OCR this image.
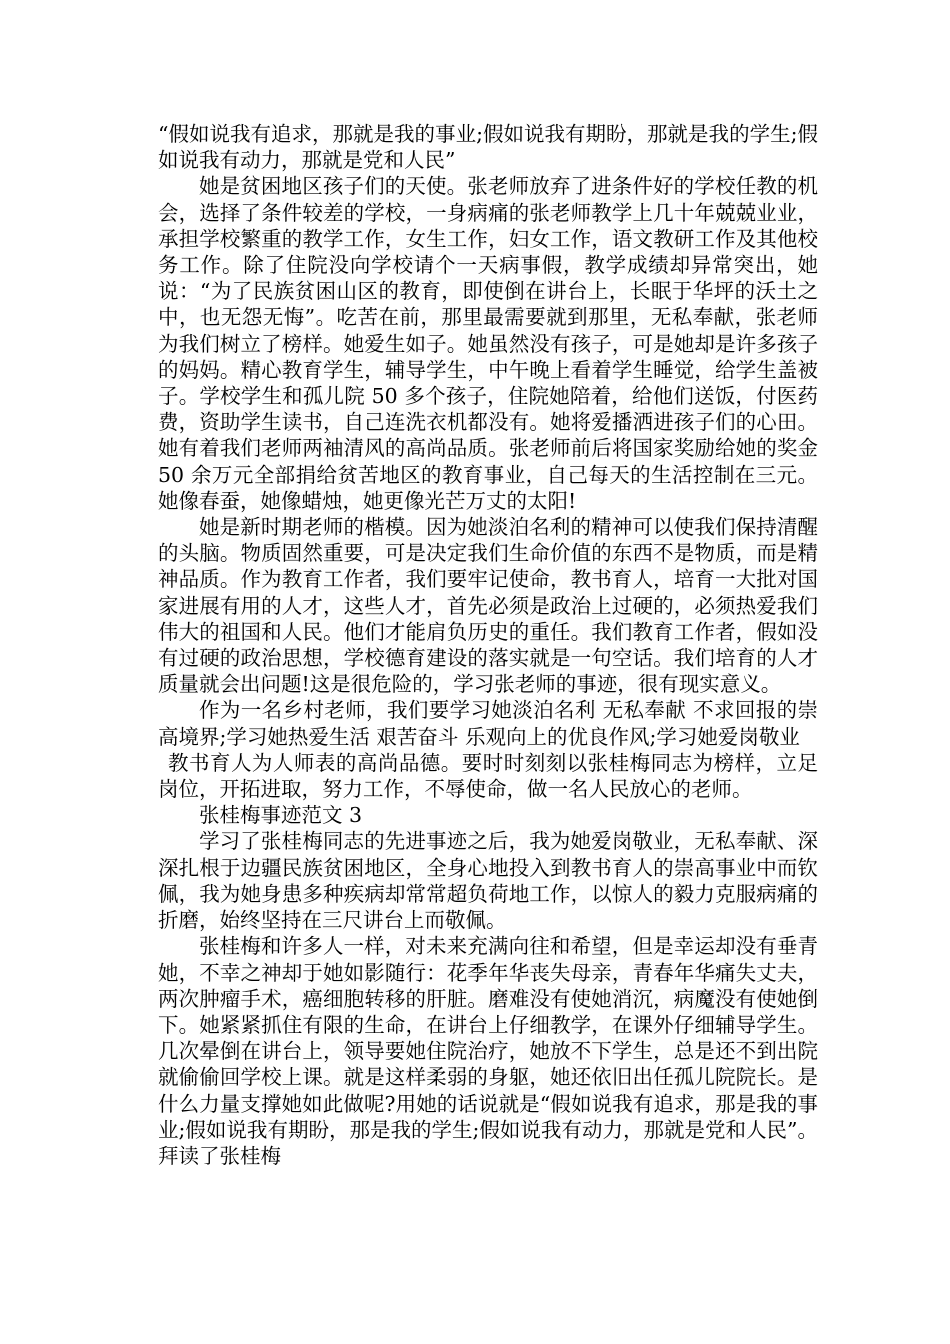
“假如说我有追求，那就是我的事业;假如说我有期盼，那就是我的学生;假如说我有动力，那就是党和人民”

她是贫困地区孩子们的天使。张老师放弃了进条件好的学校任教的机会，选择了条件较差的学校，一身病痛的张老师教学上几十年兢兢业业，承担学校繁重的教学工作，女生工作，妇女工作，语文教研工作及其他校务工作。除了住院没向学校请个一天病事假，教学成绩却异常突出，她说：“为了民族贫困山区的教育，即使倒在讲台上，长眠于华坪的沃土之中，也无怨无悔”。吃苦在前，那里最需要就到那里，无私奉献，张老师为我们树立了榜样。她爱生如子。她虽然没有孩子，可是她却是许多孩子的妈妈。精心教育学生，辅导学生，中午晚上看着学生睡觉，给学生盖被子。学校学生和孤儿院 50 多个孩子，住院她陪着，给他们送饭，付医药费，资助学生读书，自己连洗衣机都没有。她将爱播洒进孩子们的心田。她有着我们老师两袖清风的高尚品质。张老师前后将国家奖励给她的奖金 50 余万元全部捐给贫苦地区的教育事业，自己每天的生活控制在三元。她像春蚕，她像蜡烛，她更像光芒万丈的太阳!

她是新时期老师的楷模。因为她淡泊名利的精神可以使我们保持清醒的头脑。物质固然重要，可是决定我们生命价值的东西不是物质，而是精神品质。作为教育工作者，我们要牢记使命，教书育人，培育一大批对国家进展有用的人才，这些人才，首先必须是政治上过硬的，必须热爱我们伟大的祖国和人民。他们才能肩负历史的重任。我们教育工作者，假如没有过硬的政治思想，学校德育建设的落实就是一句空话。我们培育的人才质量就会出问题!这是很危险的，学习张老师的事迹，很有现实意义。

作为一名乡村老师，我们要学习她淡泊名利 无私奉献 不求回报的崇高境界;学习她热爱生活 艰苦奋斗 乐观向上的优良作风;学习她爱岗敬业

教书育人为人师表的高尚品德。要时时刻刻以张桂梅同志为榜样，立足岗位，开拓进取，努力工作，不辱使命，做一名人民放心的老师。

张桂梅事迹范文 3

学习了张桂梅同志的先进事迹之后，我为她爱岗敬业，无私奉献、深深扎根于边疆民族贫困地区，全身心地投入到教书育人的崇高事业中而钦佩，我为她身患多种疾病却常常超负荷地工作，以惊人的毅力克服病痛的折磨，始终坚持在三尺讲台上而敬佩。

张桂梅和许多人一样，对未来充满向往和希望，但是幸运却没有垂青她，不幸之神却于她如影随行：花季年华丧失母亲，青春年华痛失丈夫，两次肿瘤手术，癌细胞转移的肝脏。磨难没有使她消沉，病魔没有使她倒下。她紧紧抓住有限的生命，在讲台上仔细教学，在课外仔细辅导学生。几次晕倒在讲台上，领导要她住院治疗，她放不下学生，总是还不到出院就偷偷回学校上课。就是这样柔弱的身躯，她还依旧出任孤儿院院长。是什么力量支撑她如此做呢?用她的话说就是“假如说我有追求，那是我的事业;假如说我有期盼，那是我的学生;假如说我有动力，那就是党和人民”。拜读了张桂梅
